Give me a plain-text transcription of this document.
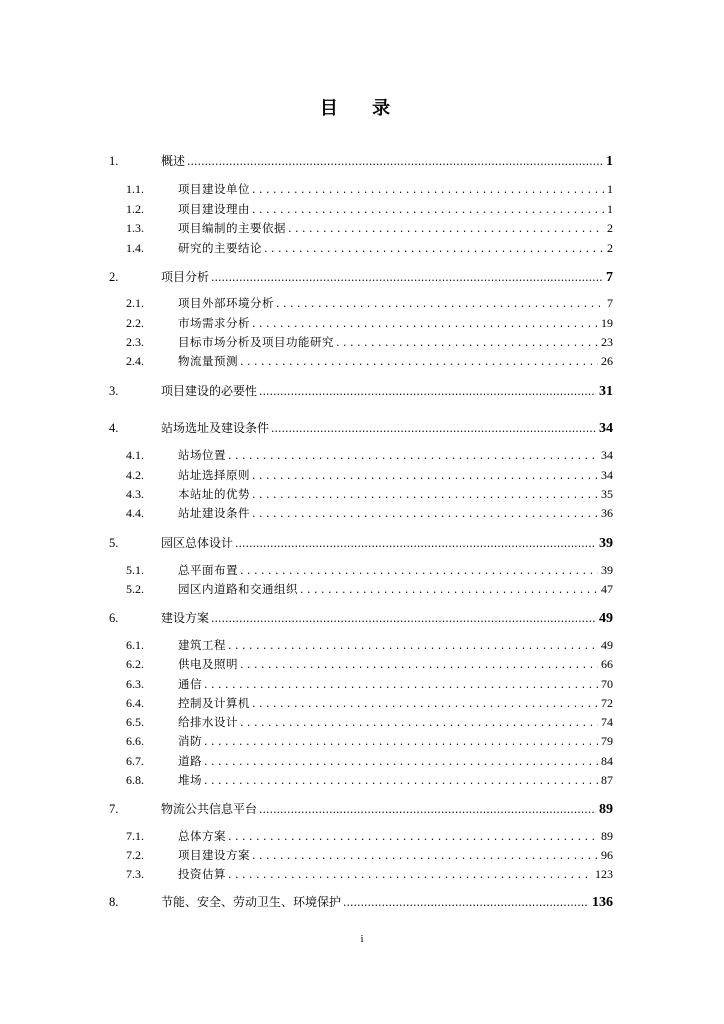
目 录
1.	概述 .....	1
1.1.	项目建设单位 . . .	1
1.2.	项目建设理由 . . .	1
1.3.	项目编制的主要依据 . . .	2
1.4.	研究的主要结论 . . .	2
2.	项目分析 .....	7
2.1.	项目外部环境分析 . . .	7
2.2.	市场需求分析 . . .	19
2.3.	目标市场分析及项目功能研究 . . .	23
2.4.	物流量预测 . . .	26
3.	项目建设的必要性 .....	31
4.	站场选址及建设条件 .....	34
4.1.	站场位置 . . .	34
4.2.	站址选择原则 . . .	34
4.3.	本站址的优势 . . .	35
4.4.	站址建设条件 . . .	36
5.	园区总体设计 .....	39
5.1.	总平面布置 . . .	39
5.2.	园区内道路和交通组织 . . .	47
6.	建设方案 .....	49
6.1.	建筑工程 . . .	49
6.2.	供电及照明 . . .	66
6.3.	通信 . . .	70
6.4.	控制及计算机 . . .	72
6.5.	给排水设计 . . .	74
6.6.	消防 . . .	79
6.7.	道路 . . .	84
6.8.	堆场 . . .	87
7.	物流公共信息平台 .....	89
7.1.	总体方案 . . .	89
7.2.	项目建设方案 . . .	96
7.3.	投资估算 . . .	123
8.	节能、安全、劳动卫生、环境保护 .....	136
i
